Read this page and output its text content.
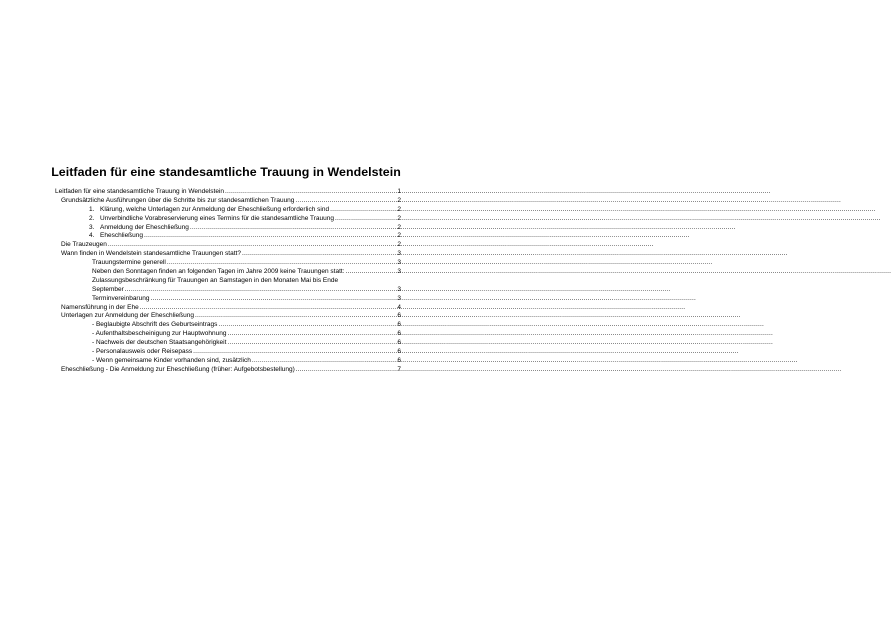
Leitfaden für eine standesamtliche Trauung in Wendelstein
Leitfaden für eine standesamtliche Trauung in Wendelstein .....	1
Grundsätzliche Ausführungen über die Schritte bis zur standesamtlichen Trauung .....	2
1. Klärung, welche Unterlagen zur Anmeldung der Eheschließung erforderlich sind .....	2
2. Unverbindliche Vorabreservierung eines Termins für die standesamtliche Trauung .....	2
3. Anmeldung der Eheschließung .....	2
4. Eheschließung .....	2
Die Trauzeugen .....	2
Wann finden in Wendelstein standesamtliche Trauungen statt? .....	3
Trauungstermine generell .....	3
Neben den Sonntagen finden an folgenden Tagen im Jahre 2009 keine Trauungen statt: .....	3
Zulassungsbeschränkung für Trauungen an Samstagen in den Monaten Mai bis Ende
September .....	3
Terminvereinbarung .....	3
Namensführung in der Ehe .....	4
Unterlagen zur Anmeldung der Eheschließung .....	6
- Beglaubigte Abschrift des Geburtseintrags .....	6
- Aufenthaltsbescheinigung zur Hauptwohnung .....	6
- Nachweis der deutschen Staatsangehörigkeit .....	6
- Personalausweis oder Reisepass .....	6
- Wenn gemeinsame Kinder vorhanden sind, zusätzlich .....	6
Eheschließung - Die Anmeldung zur Eheschließung (früher: Aufgebotsbestellung) .....	7
